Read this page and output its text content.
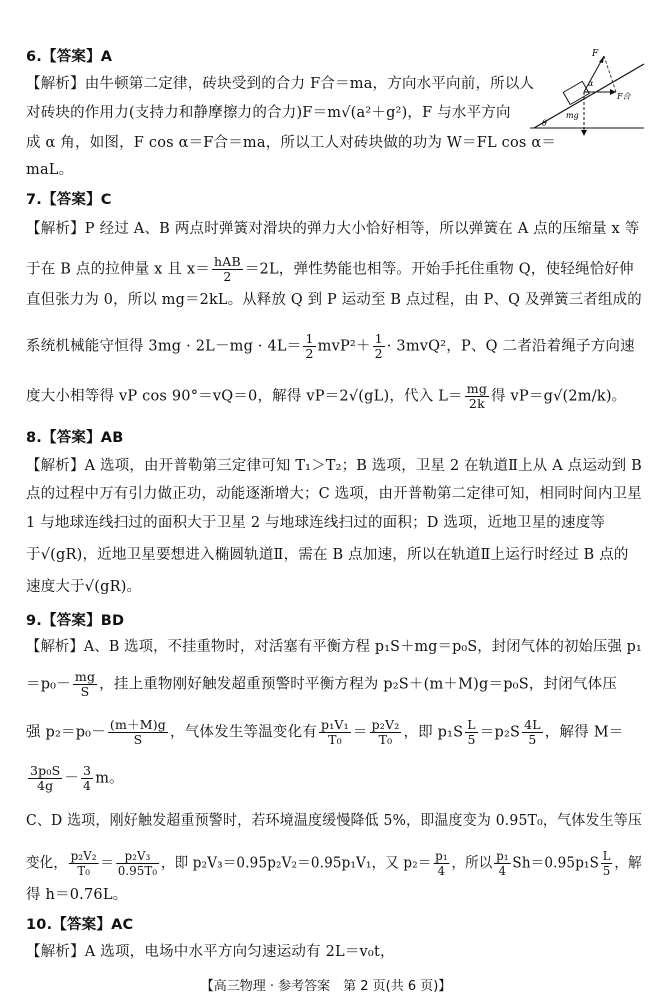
6.【答案】A
【解析】由牛顿第二定律，砖块受到的合力 F合＝ma，方向水平向前，所以人
对砖块的作用力(支持力和静摩擦力的合力)F＝m√(a²＋g²)，F 与水平方向
成 α 角，如图，F cos α＝F合＝ma，所以工人对砖块做的功为 W＝FL cos α＝
maL。
F
α
F合
mg
θ
7.【答案】C
【解析】P 经过 A、B 两点时弹簧对滑块的弹力大小恰好相等，所以弹簧在 A 点的压缩量 x 等
于在 B 点的拉伸量 x 且 $x= \frac{\text{hAB}}{2} =2L$，弹性势能也相等。开始手托住重物 Q，使轻绳恰好伸
直但张力为 0，所以 mg＝2kL。从释放 Q 到 P 运动至 B 点过程，由 P、Q 及弹簧三者组成的
系统机械能守恒得 $3mg \cdot 2L-mg \cdot 4L= \frac{1}{2} mvP^2+ \frac{1}{2} \cdot 3mvQ^2$，P、Q 二者沿着绳子方向速
度大小相等得 vP cos 90°＝vQ＝0，解得 vP＝2√(gL)，代入 $L= \frac{mg}{2k}$ 得 vP＝g√(2m/k)。
8.【答案】AB
【解析】A 选项，由开普勒第三定律可知 T₁＞T₂；B 选项，卫星 2 在轨道Ⅱ上从 A 点运动到 B
点的过程中万有引力做正功，动能逐渐增大；C 选项，由开普勒第二定律可知，相同时间内卫星
1 与地球连线扫过的面积大于卫星 2 与地球连线扫过的面积；D 选项，近地卫星的速度等
于√(gR)，近地卫星要想进入椭圆轨道Ⅱ，需在 B 点加速，所以在轨道Ⅱ上运行时经过 B 点的
速度大于√(gR)。
9.【答案】BD
【解析】A、B 选项，不挂重物时，对活塞有平衡方程 p₁S＋mg＝p₀S，封闭气体的初始压强 p₁
$=p_0- \frac{mg}{S}$ ，挂上重物刚好触发超重预警时平衡方程为 p₂S＋(m＋M)g＝p₀S，封闭气体压
强 $p_2=p_0- \frac{(m+M)g}{S}$ ，气体发生等温变化有 $\frac{\text{p₁V₁}}{\text{T₀}} = \frac{\text{p₂V₂}}{\text{T₀}}$ ，即 $p_1S \frac{L}{5} =p_2S \frac{4L}{5}$ ，解得 M＝
$\frac{\text{3p₀S}}{4g} - \frac{3}{4}$ m。
C、D 选项，刚好触发超重预警时，若环境温度缓慢降低 5%，即温度变为 0.95T₀，气体发生等压
变化， $\frac{\text{p₂V₂}}{\text{T₀}} = \frac{\text{p₂V₃}}{\text{0.95T₀}}$ ，即 p₂V₃＝0.95p₂V₂＝0.95p₁V₁，又 $p_2= \frac{\text{p₁}}{4}$ ，所以 $\frac{\text{p₁}}{4} Sh=0.95p_1S \frac{L}{5}$ ，解
得 h＝0.76L。
10.【答案】AC
【解析】A 选项，电场中水平方向匀速运动有 2L＝v₀t，
【高三物理 · 参考答案　第 2 页(共 6 页)】
